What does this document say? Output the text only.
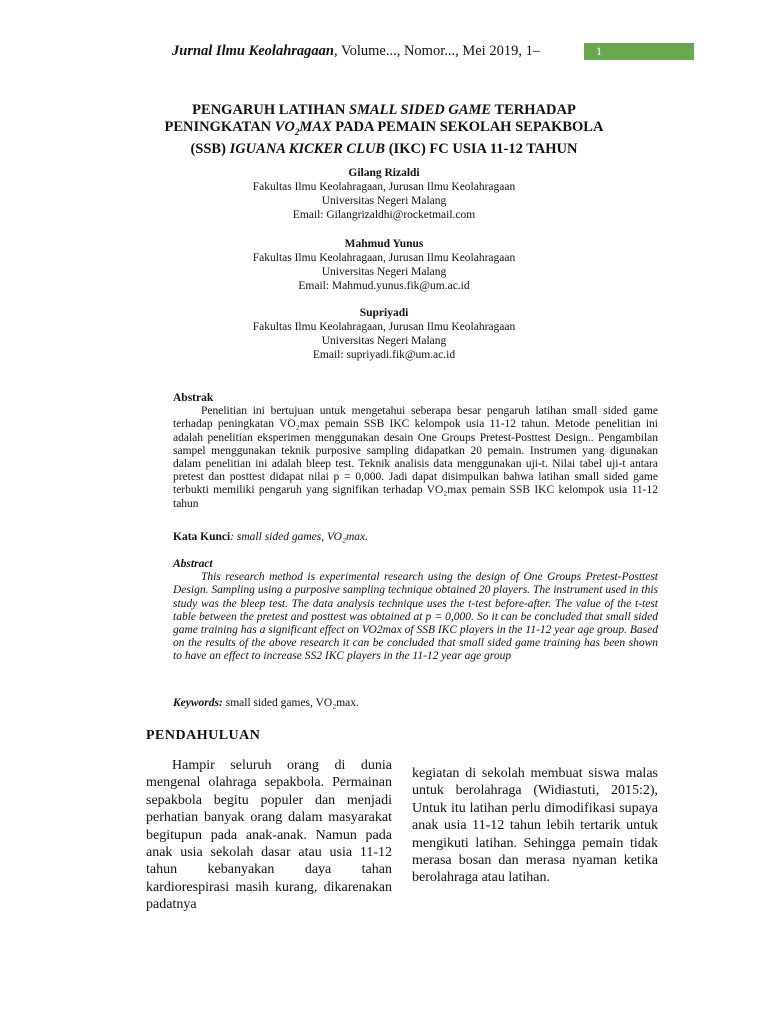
Jurnal Ilmu Keolahragaan, Volume..., Nomor..., Mei 2019, 1–	1
PENGARUH LATIHAN SMALL SIDED GAME TERHADAP
PENINGKATAN $VO_2MAX$ PADA PEMAIN SEKOLAH SEPAKBOLA
(SSB) IGUANA KICKER CLUB (IKC) FC USIA 11-12 TAHUN
Gilang Rizaldi
Fakultas Ilmu Keolahragaan, Jurusan Ilmu Keolahragaan
Universitas Negeri Malang
Email: Gilangrizaldhi@rocketmail.com
Mahmud Yunus
Fakultas Ilmu Keolahragaan, Jurusan Ilmu Keolahragaan
Universitas Negeri Malang
Email: Mahmud.yunus.fik@um.ac.id
Supriyadi
Fakultas Ilmu Keolahragaan, Jurusan Ilmu Keolahragaan
Universitas Negeri Malang
Email: supriyadi.fik@um.ac.id
Abstrak

Penelitian ini bertujuan untuk mengetahui seberapa besar pengaruh latihan small sided game terhadap peningkatan VO₂max pemain SSB IKC kelompok usia 11-12 tahun. Metode penelitian ini adalah penelitian eksperimen menggunakan desain One Groups Pretest-Posttest Design.. Pengambilan sampel menggunakan teknik purposive sampling didapatkan 20 pemain. Instrumen yang digunakan dalam penelitian ini adalah bleep test. Teknik analisis data menggunakan uji-t. Nilai tabel uji-t antara pretest dan posttest didapat nilai p = 0,000. Jadi dapat disimpulkan bahwa latihan small sided game terbukti memiliki pengaruh yang signifikan terhadap VO₂max pemain SSB IKC kelompok usia 11-12 tahun

Kata Kunci: small sided games, VO₂max.
Abstract

This research method is experimental research using the design of One Groups Pretest-Posttest Design. Sampling using a purposive sampling technique obtained 20 players. The instrument used in this study was the bleep test. The data analysis technique uses the t-test before-after. The value of the t-test table between the pretest and posttest was obtained at p = 0,000. So it can be concluded that small sided game training has a significant effect on VO2max of SSB IKC players in the 11-12 year age group. Based on the results of the above research it can be concluded that small sided game training has been shown to have an effect to increase SS2 IKC players in the 11-12 year age group

Keywords: small sided games, VO₂max.
PENDAHULUAN

Hampir seluruh orang di dunia mengenal olahraga sepakbola. Permainan sepakbola begitu populer dan menjadi perhatian banyak orang dalam masyarakat begitupun pada anak-anak. Namun pada anak usia sekolah dasar atau usia 11-12 tahun kebanyakan daya tahan kardiorespirasi masih kurang, dikarenakan padatnya

kegiatan di sekolah membuat siswa malas untuk berolahraga (Widiastuti, 2015:2), Untuk itu latihan perlu dimodifikasi supaya anak usia 11-12 tahun lebih tertarik untuk mengikuti latihan. Sehingga pemain tidak merasa bosan dan merasa nyaman ketika berolahraga atau latihan.
